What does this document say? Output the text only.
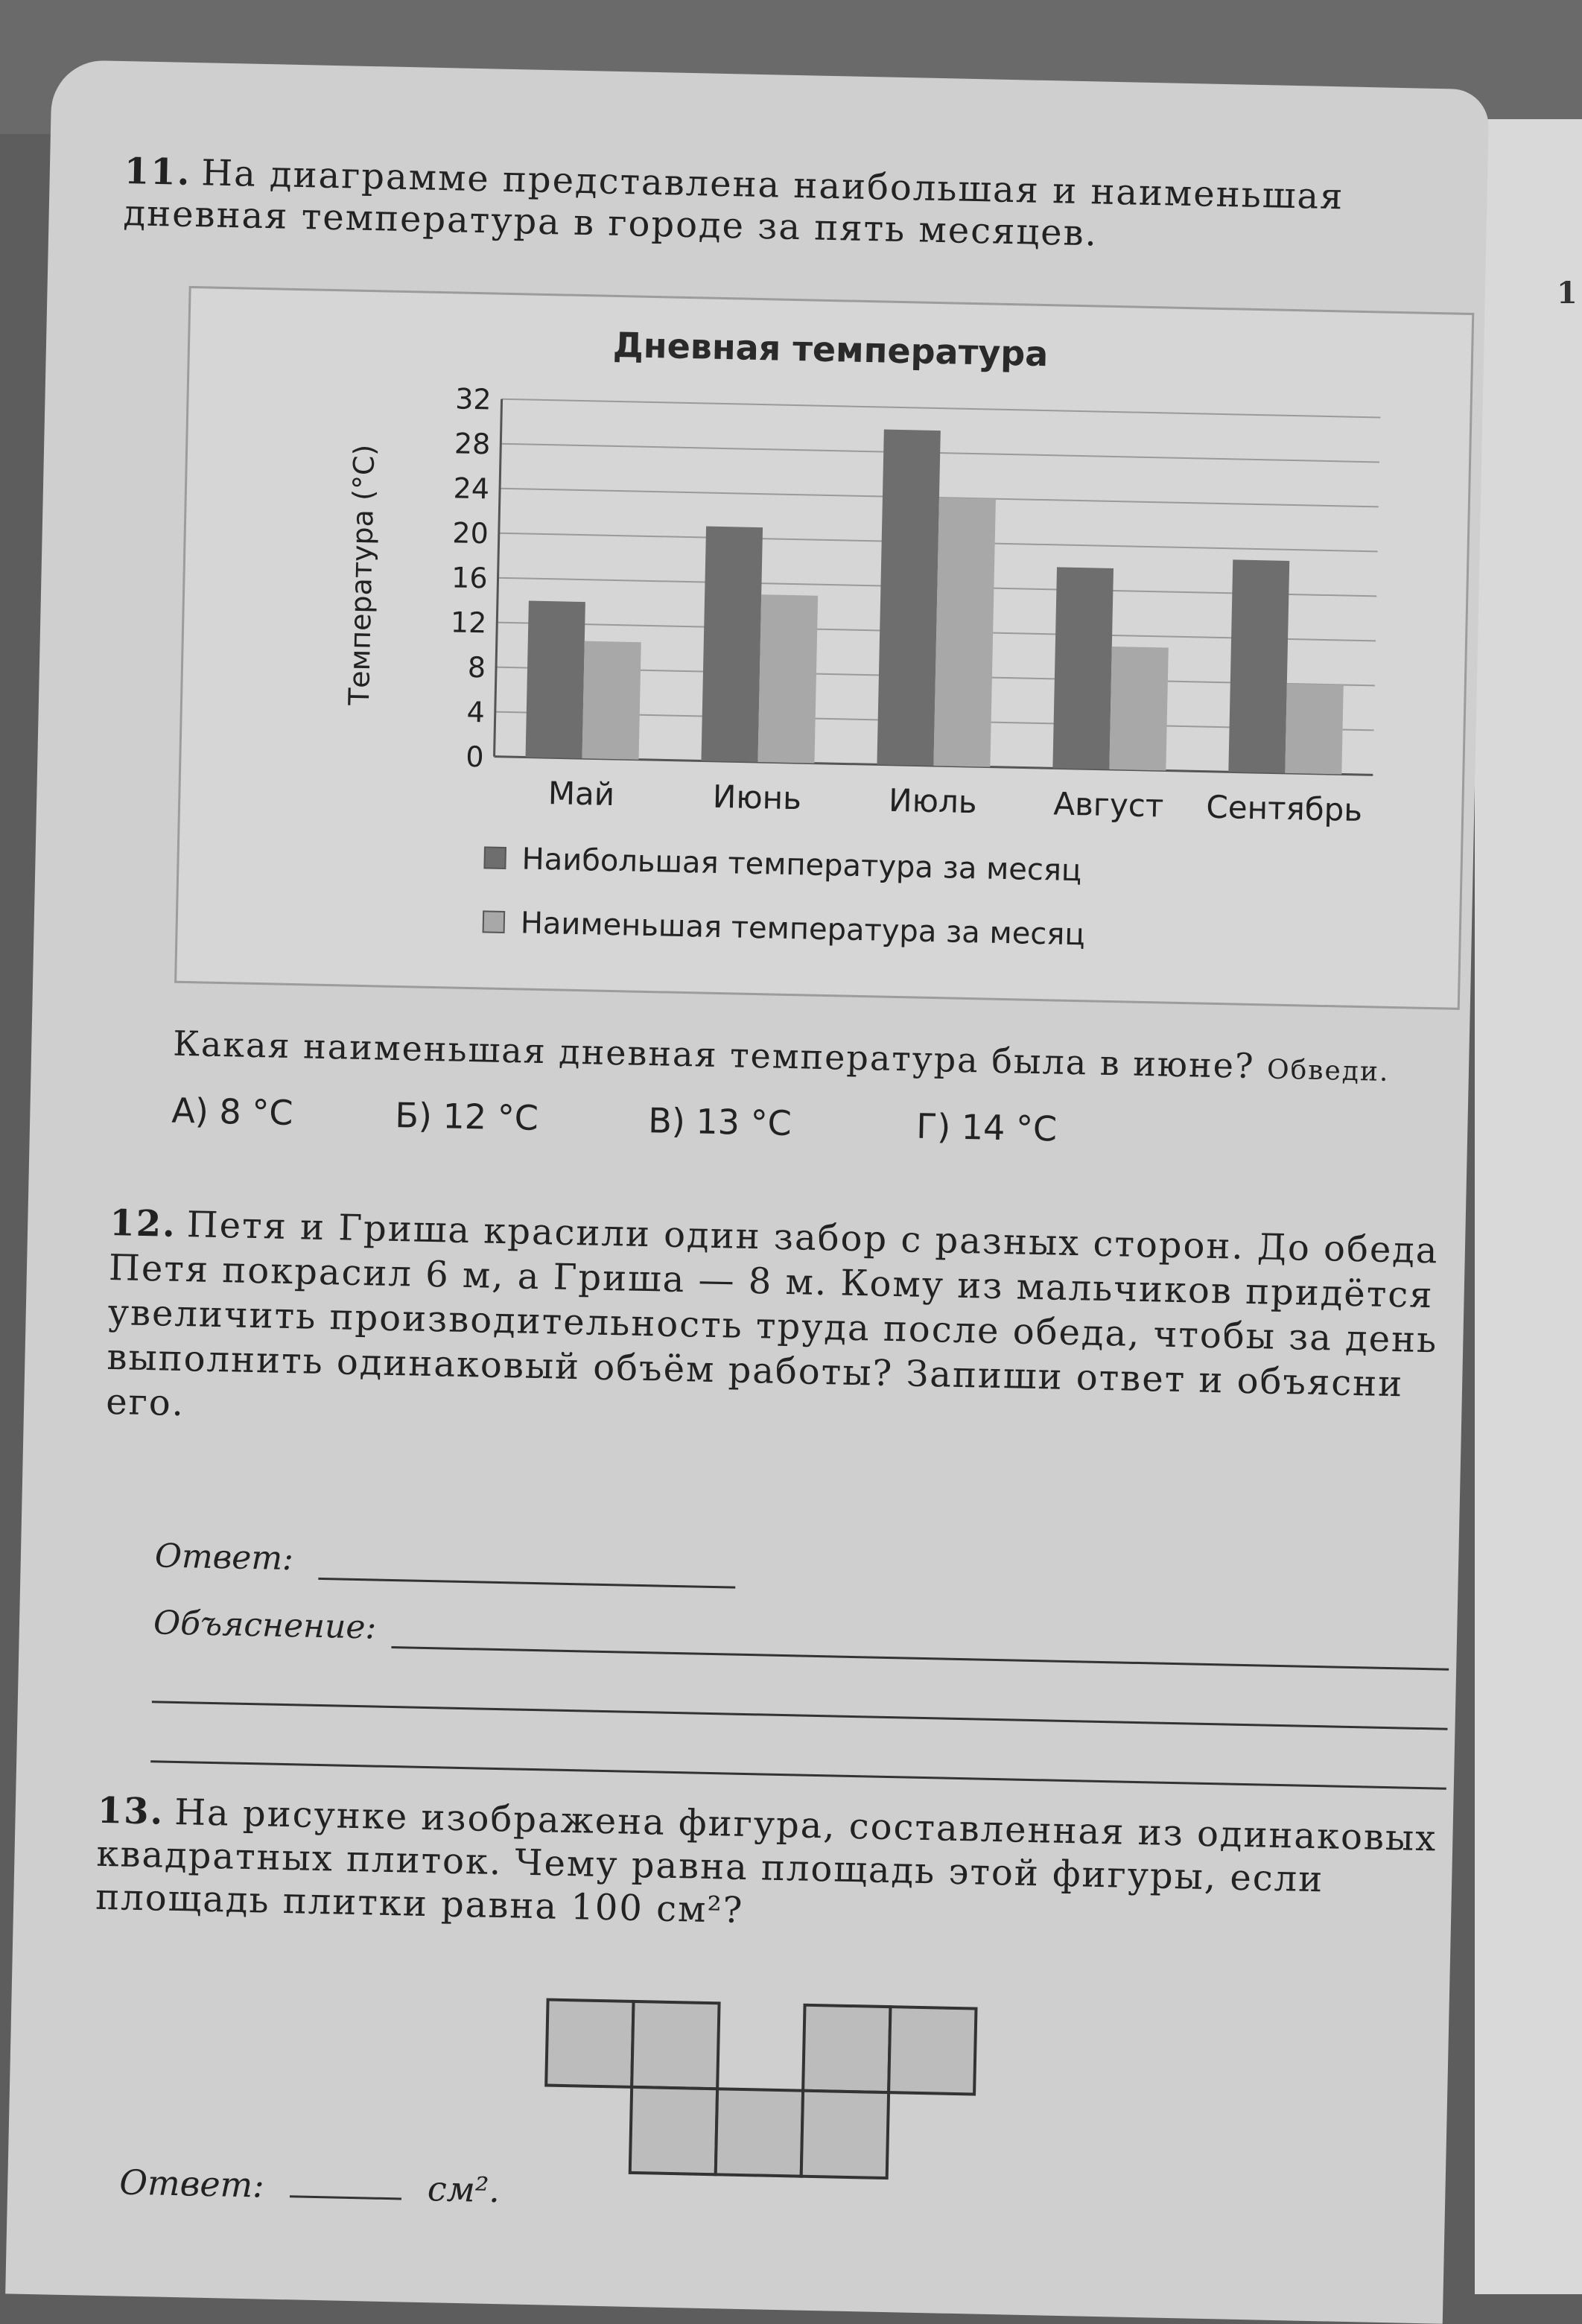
1
11. На диаграмме представлена наибольшая и наименьшая дневная температура в городе за пять месяцев.
Дневная температура
0
4
8
12
16
20
24
28
32
Температура (°С)
Май	Июнь	Июль Август Сентябрь
Наибольшая температура за месяц
Наименьшая температура за месяц
Какая наименьшая дневная температура была в июне? Обведи.
А) 8 °С	Б) 12 °С	В) 13 °С	Г) 14 °С
12. Петя и Гриша красили один забор с разных сторон. До обеда Петя покрасил 6 м, а Гриша — 8 м. Кому из мальчиков придётся увеличить производительность труда после обеда, чтобы за день выполнить одинаковый объём работы? Запиши ответ и объясни его.
Ответ:
Объяснение:
13. На рисунке изображена фигура, составленная из одинаковых квадратных плиток. Чему равна площадь этой фигуры, если площадь плитки равна 100 см²?
Ответ:	см².
